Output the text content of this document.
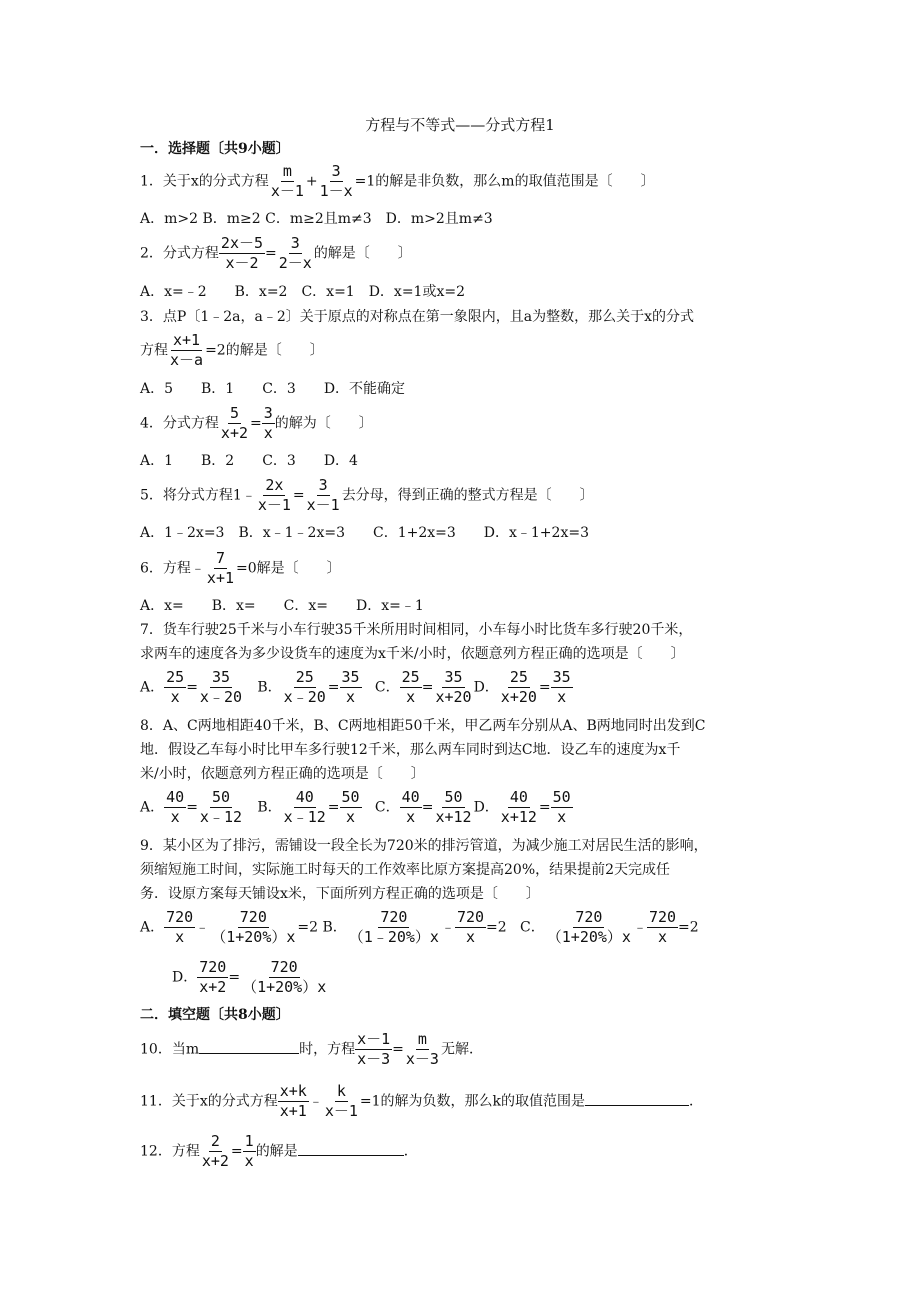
方程与不等式——分式方程1
一．选择题〔共9小题〕
1．关于x的分式方程 $\frac{m}{x-1} + \frac{3}{1-x} =1$的解是非负数，那么m的取值范围是〔　　〕
A．m>2 B．m≥2 C．m≥2且m≠3　D．m>2且m≠3
2．分式方程 $\frac{2x-5}{x-2} = \frac{3}{2-x}$ 的解是〔　　〕
A．x=﹣2　　B．x=2　C．x=1　D．x=1或x=2
3．点P〔1﹣2a，a﹣2〕关于原点的对称点在第一象限内，且a为整数，那么关于x的分式
方程 $\frac{x+1}{x-a} =2$的解是〔　　〕
A．5　　B．1　　C．3　　D．不能确定
4．分式方程 $\frac{5}{x+2} = \frac{3}{x}$ 的解为〔　　〕
A．1　　B．2　　C．3　　D．4
5．将分式方程1﹣ $\frac{2x}{x-1} = \frac{3}{x-1}$ 去分母，得到正确的整式方程是〔　　〕
A．1﹣2x=3　B．x﹣1﹣2x=3　　C．1+2x=3　　D．x﹣1+2x=3
6．方程﹣ $\frac{7}{x+1} =0$解是〔　　〕
A．x=　　B．x=　　C．x=　　D．x=﹣1
7．货车行驶25千米与小车行驶35千米所用时间相同，小车每小时比货车多行驶20千米，
求两车的速度各为多少设货车的速度为x千米/小时，依题意列方程正确的选项是〔　　〕
A． $\frac{25}{x} = \frac{35}{x﹣20}$ B． $\frac{25}{x﹣20} = \frac{35}{x}$ C． $\frac{25}{x} = \frac{35}{x+20}$ D． $\frac{25}{x+20} = \frac{35}{x}$
8．A、C两地相距40千米，B、C两地相距50千米，甲乙两车分别从A、B两地同时出发到C
地．假设乙车每小时比甲车多行驶12千米，那么两车同时到达C地．设乙车的速度为x千
米/小时，依题意列方程正确的选项是〔　　〕
A． $\frac{40}{x} = \frac{50}{x﹣12}$ B． $\frac{40}{x﹣12} = \frac{50}{x}$ C． $\frac{40}{x} = \frac{50}{x+12}$ D． $\frac{40}{x+12} = \frac{50}{x}$
9．某小区为了排污，需铺设一段全长为720米的排污管道，为减少施工对居民生活的影响，
须缩短施工时间，实际施工时每天的工作效率比原方案提高20%，结果提前2天完成任
务．设原方案每天铺设x米，下面所列方程正确的选项是〔　　〕
A． $\frac{720}{x}$ ﹣ $\frac{720}{(1+20\%)x} =2$ B． $\frac{720}{(1﹣20\%)x}$ ﹣ $\frac{720}{x} =2$ C． $\frac{720}{(1+20\%)x}$ ﹣ $\frac{720}{x} =2$
D． $\frac{720}{x+2} = \frac{720}{(1+20\%)x}$
二．填空题〔共8小题〕
10．当m	时，方程 $\frac{x-1}{x-3} = \frac{m}{x-3}$ 无解．
11．关于x的分式方程 $\frac{x+k}{x+1}$ ﹣ $\frac{k}{x-1} =1$的解为负数，那么k的取值范围是	．
12．方程 $\frac{2}{x+2} = \frac{1}{x}$ 的解是	．
